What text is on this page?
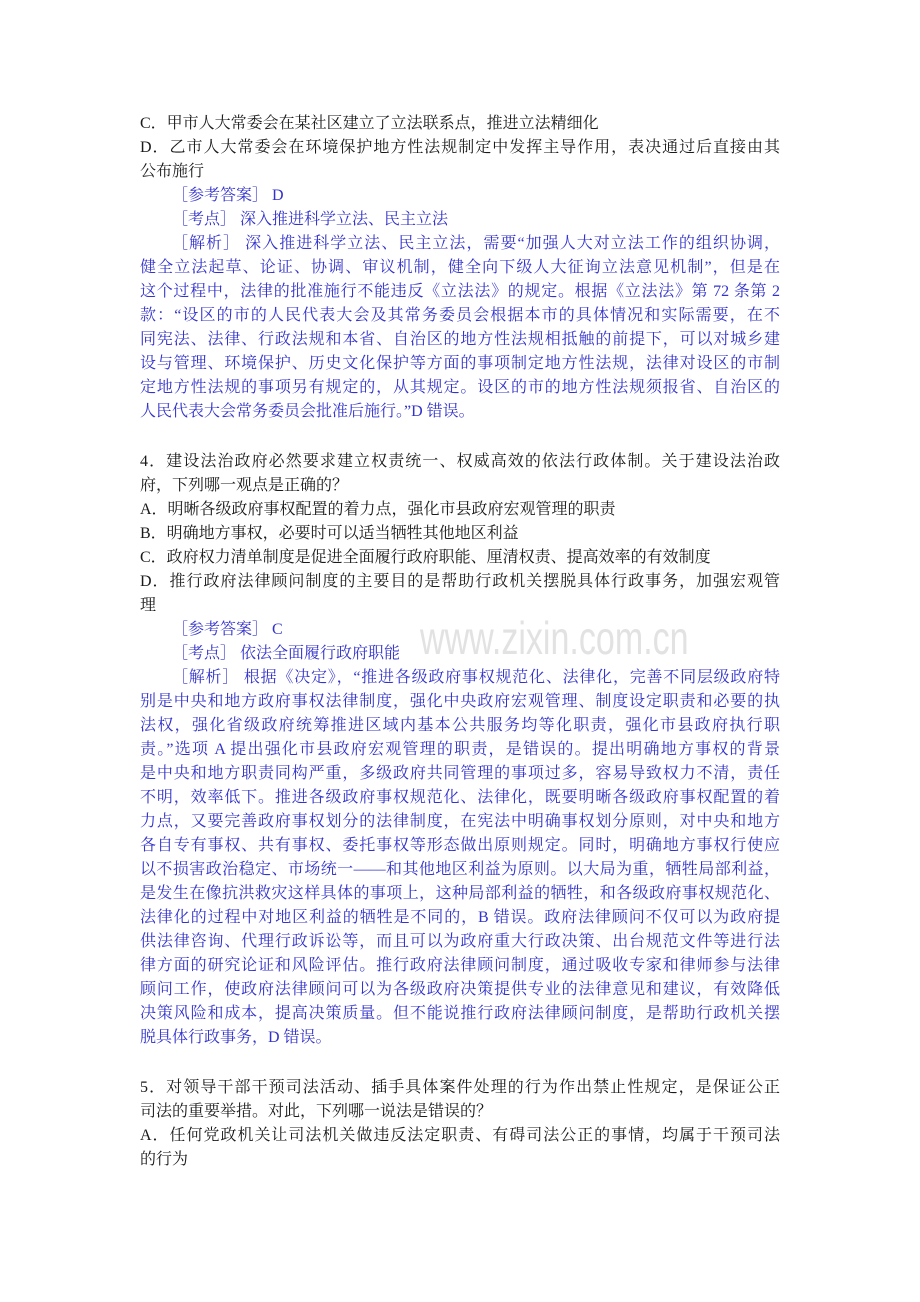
www.zixin.com.cn
C．甲市人大常委会在某社区建立了立法联系点，推进立法精细化
D．乙市人大常委会在环境保护地方性法规制定中发挥主导作用，表决通过后直接由其
公布施行
［参考答案］ D
［考点］ 深入推进科学立法、民主立法
［解析］ 深入推进科学立法、民主立法，需要“加强人大对立法工作的组织协调，
健全立法起草、论证、协调、审议机制，健全向下级人大征询立法意见机制”，但是在
这个过程中，法律的批准施行不能违反《立法法》的规定。根据《立法法》第 72 条第 2
款：“设区的市的人民代表大会及其常务委员会根据本市的具体情况和实际需要，在不
同宪法、法律、行政法规和本省、自治区的地方性法规相抵触的前提下，可以对城乡建
设与管理、环境保护、历史文化保护等方面的事项制定地方性法规，法律对设区的市制
定地方性法规的事项另有规定的，从其规定。设区的市的地方性法规须报省、自治区的
人民代表大会常务委员会批准后施行。”D 错误。
4．建设法治政府必然要求建立权责统一、权威高效的依法行政体制。关于建设法治政
府，下列哪一观点是正确的？
A．明晰各级政府事权配置的着力点，强化市县政府宏观管理的职责
B．明确地方事权，必要时可以适当牺牲其他地区利益
C．政府权力清单制度是促进全面履行政府职能、厘清权责、提高效率的有效制度
D．推行政府法律顾问制度的主要目的是帮助行政机关摆脱具体行政事务，加强宏观管
理
［参考答案］ C
［考点］ 依法全面履行政府职能
［解析］ 根据《决定》，“推进各级政府事权规范化、法律化，完善不同层级政府特
别是中央和地方政府事权法律制度，强化中央政府宏观管理、制度设定职责和必要的执
法权，强化省级政府统筹推进区域内基本公共服务均等化职责，强化市县政府执行职
责。”选项 A 提出强化市县政府宏观管理的职责，是错误的。提出明确地方事权的背景
是中央和地方职责同构严重，多级政府共同管理的事项过多，容易导致权力不清，责任
不明，效率低下。推进各级政府事权规范化、法律化，既要明晰各级政府事权配置的着
力点，又要完善政府事权划分的法律制度，在宪法中明确事权划分原则，对中央和地方
各自专有事权、共有事权、委托事权等形态做出原则规定。同时，明确地方事权行使应
以不损害政治稳定、市场统一——和其他地区利益为原则。以大局为重，牺牲局部利益，
是发生在像抗洪救灾这样具体的事项上，这种局部利益的牺牲，和各级政府事权规范化、
法律化的过程中对地区利益的牺牲是不同的，B 错误。政府法律顾问不仅可以为政府提
供法律咨询、代理行政诉讼等，而且可以为政府重大行政决策、出台规范文件等进行法
律方面的研究论证和风险评估。推行政府法律顾问制度，通过吸收专家和律师参与法律
顾问工作，使政府法律顾问可以为各级政府决策提供专业的法律意见和建议，有效降低
决策风险和成本，提高决策质量。但不能说推行政府法律顾问制度，是帮助行政机关摆
脱具体行政事务，D 错误。
5．对领导干部干预司法活动、插手具体案件处理的行为作出禁止性规定，是保证公正
司法的重要举措。对此，下列哪一说法是错误的？
A．任何党政机关让司法机关做违反法定职责、有碍司法公正的事情，均属于干预司法
的行为
